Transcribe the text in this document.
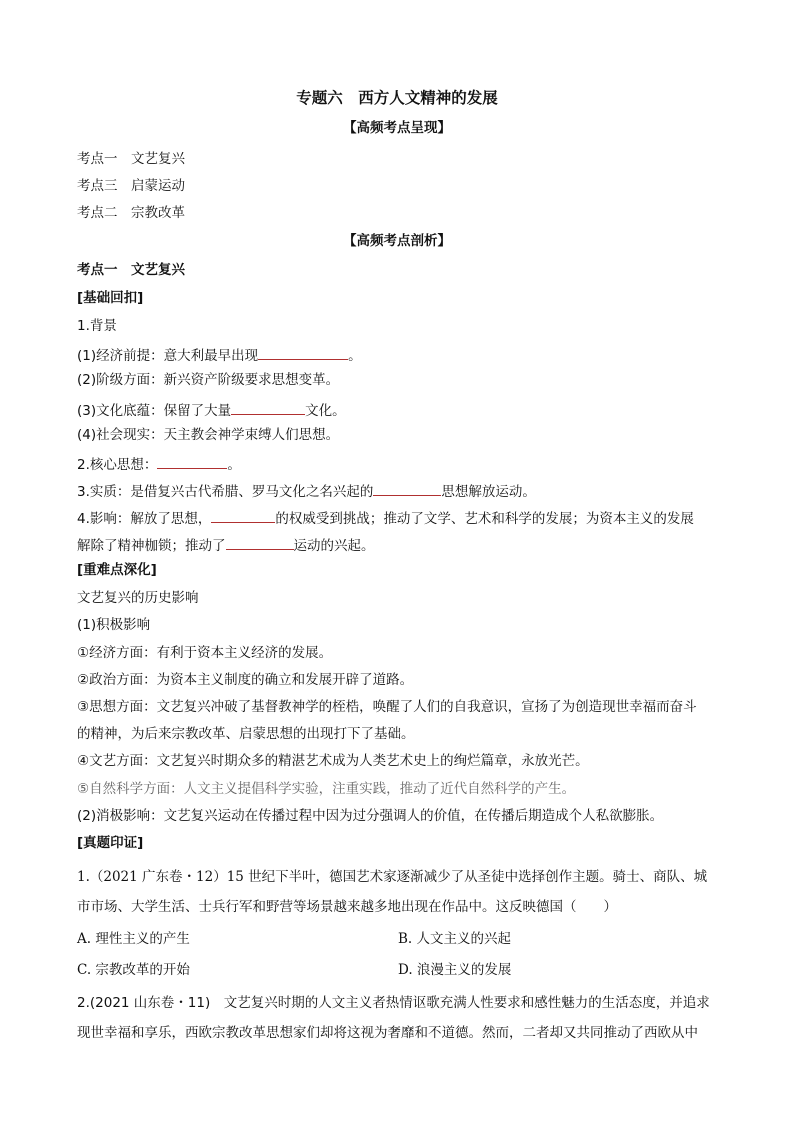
专题六　西方人文精神的发展
【高频考点呈现】
考点一　文艺复兴
考点三　启蒙运动
考点二　宗教改革
【高频考点剖析】
考点一　文艺复兴
[基础回扣]
1.背景
(1)经济前提：意大利最早出现	。
(2)阶级方面：新兴资产阶级要求思想变革。
(3)文化底蕴：保留了大量	文化。
(4)社会现实：天主教会神学束缚人们思想。
2.核心思想：	。
3.实质：是借复兴古代希腊、罗马文化之名兴起的	思想解放运动。
4.影响：解放了思想，	的权威受到挑战；推动了文学、艺术和科学的发展；为资本主义的发展
解除了精神枷锁；推动了	运动的兴起。
[重难点深化]
文艺复兴的历史影响
(1)积极影响
①经济方面：有利于资本主义经济的发展。
②政治方面：为资本主义制度的确立和发展开辟了道路。
③思想方面：文艺复兴冲破了基督教神学的桎梏，唤醒了人们的自我意识，宣扬了为创造现世幸福而奋斗
的精神，为后来宗教改革、启蒙思想的出现打下了基础。
④文艺方面：文艺复兴时期众多的精湛艺术成为人类艺术史上的绚烂篇章，永放光芒。
⑤自然科学方面：人文主义提倡科学实验，注重实践，推动了近代自然科学的产生。
(2)消极影响：文艺复兴运动在传播过程中因为过分强调人的价值，在传播后期造成个人私欲膨胀。
[真题印证]
1.（2021 广东卷・12）15 世纪下半叶，德国艺术家逐渐减少了从圣徒中选择创作主题。骑士、商队、城
市市场、大学生活、士兵行军和野营等场景越来越多地出现在作品中。这反映德国（　　）
A. 理性主义的产生	B. 人文主义的兴起
C. 宗教改革的开始	D. 浪漫主义的发展
2.(2021 山东卷・11)　文艺复兴时期的人文主义者热情讴歌充满人性要求和感性魅力的生活态度，并追求
现世幸福和享乐，西欧宗教改革思想家们却将这视为奢靡和不道德。然而，二者却又共同推动了西欧从中
